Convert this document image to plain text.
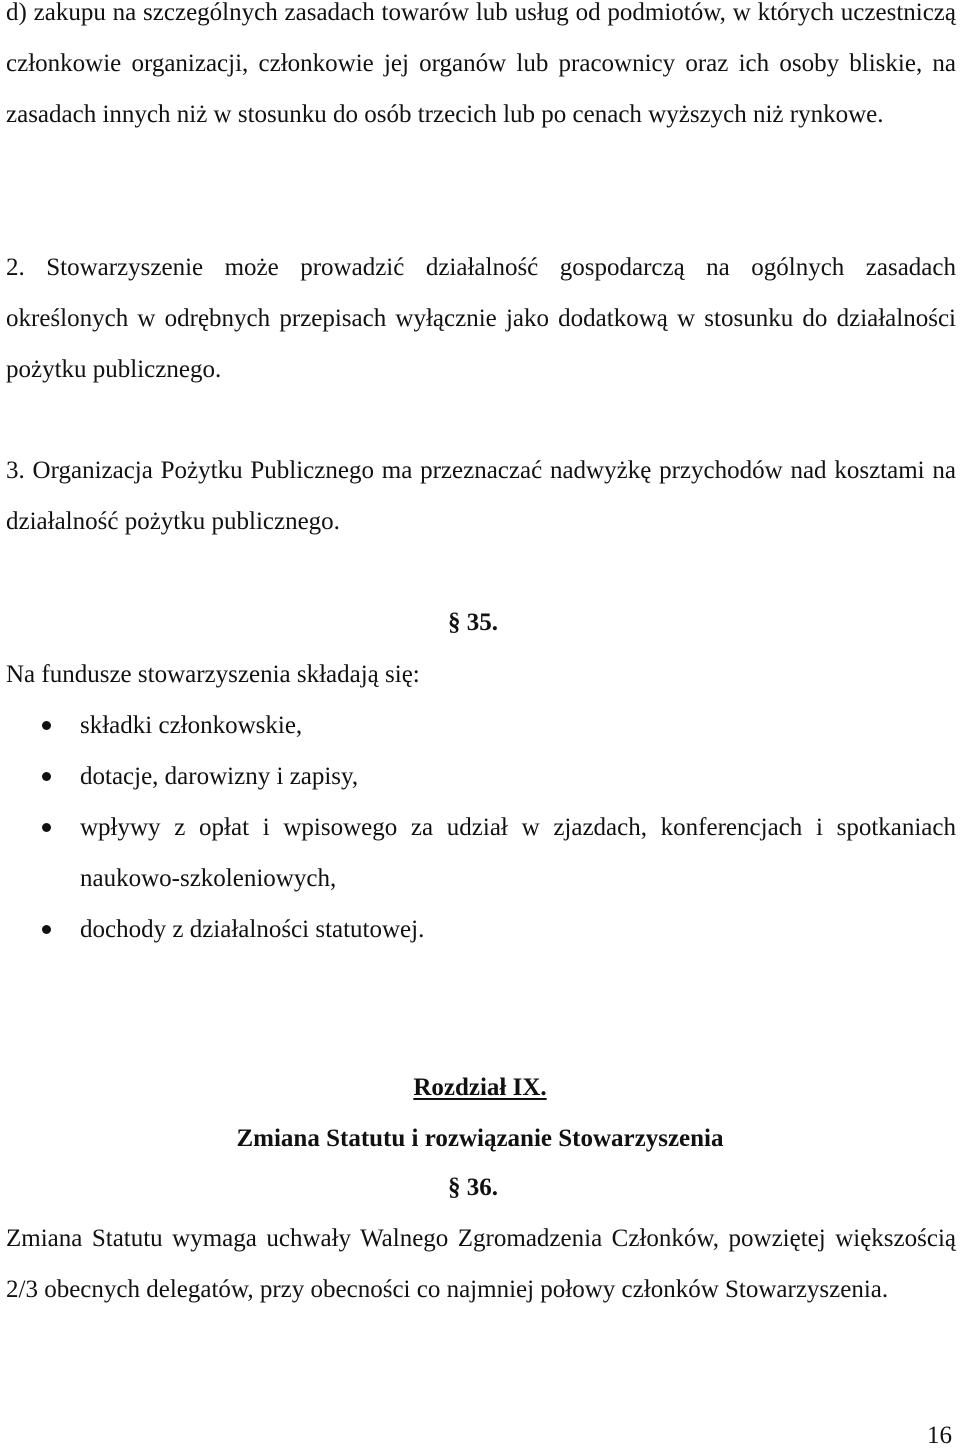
d) zakupu na szczególnych zasadach towarów lub usług od podmiotów, w których uczestniczą członkowie organizacji, członkowie jej organów lub pracownicy oraz ich osoby bliskie, na zasadach innych niż w stosunku do osób trzecich lub po cenach wyższych niż rynkowe.

2. Stowarzyszenie może prowadzić działalność gospodarczą na ogólnych zasadach określonych w odrębnych przepisach wyłącznie jako dodatkową w stosunku do działalności pożytku publicznego.

3. Organizacja Pożytku Publicznego ma przeznaczać nadwyżkę przychodów nad kosztami na działalność pożytku publicznego.

§ 35.

Na fundusze stowarzyszenia składają się:

składki członkowskie,
dotacje, darowizny i zapisy,
wpływy z opłat i wpisowego za udział w zjazdach, konferencjach i spotkaniach naukowo-szkoleniowych,
dochody z działalności statutowej.

Rozdział IX.

Zmiana Statutu i rozwiązanie Stowarzyszenia

§ 36.

Zmiana Statutu wymaga uchwały Walnego Zgromadzenia Członków, powziętej większością 2/3 obecnych delegatów, przy obecności co najmniej połowy członków Stowarzyszenia.

16
